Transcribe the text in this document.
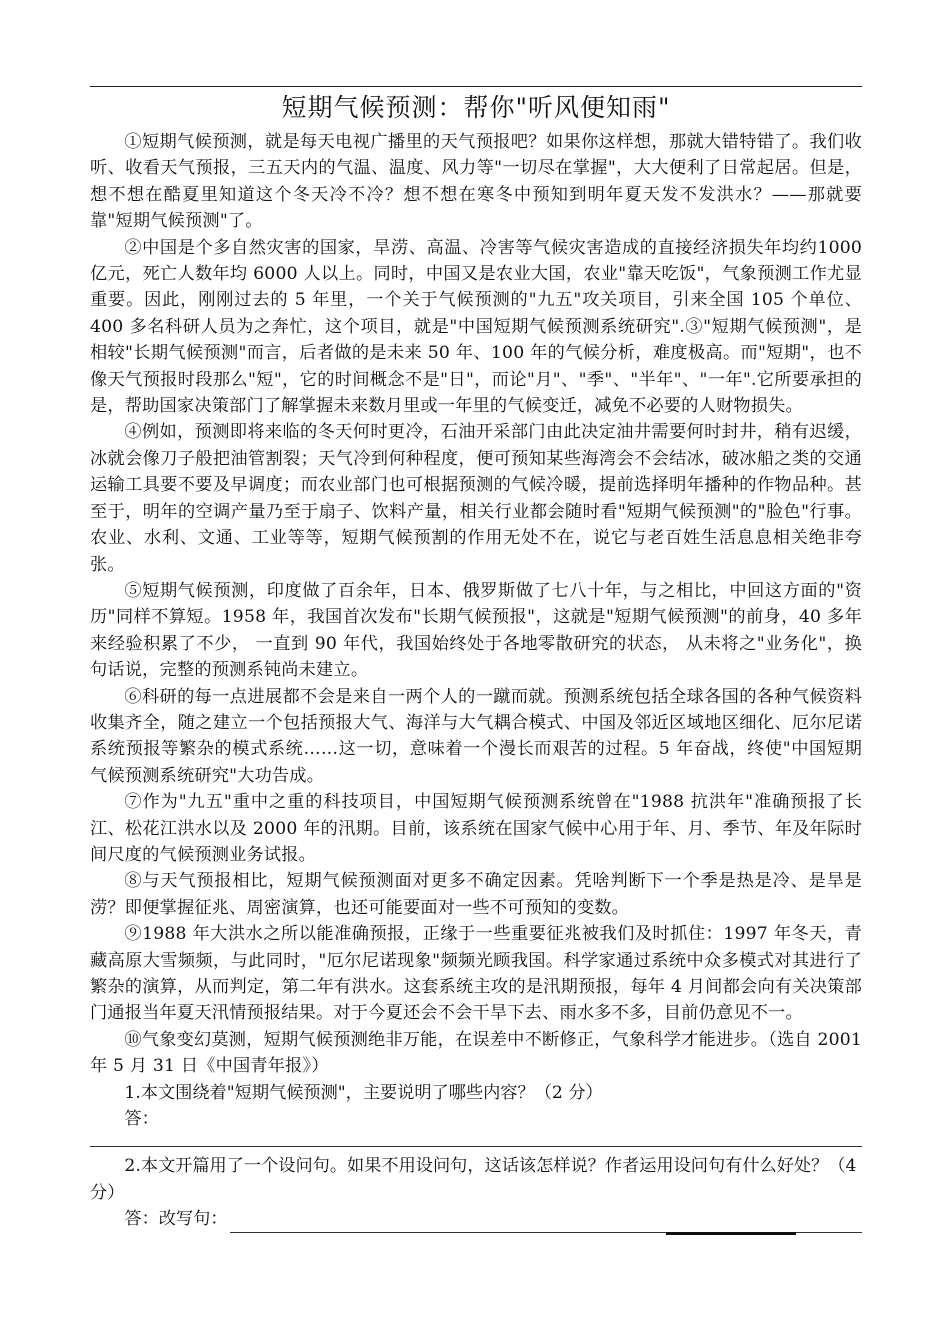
短期气候预测：帮你"听风便知雨"

①短期气候预测，就是每天电视广播里的天气预报吧？如果你这样想，那就大错特错了。我们收听、收看天气预报，三五天内的气温、温度、风力等"一切尽在掌握"，大大便利了日常起居。但是，想不想在酷夏里知道这个冬天冷不冷？想不想在寒冬中预知到明年夏天发不发洪水？——那就要靠"短期气候预测"了。

②中国是个多自然灾害的国家，旱涝、高温、冷害等气候灾害造成的直接经济损失年均约1000 亿元，死亡人数年均 6000 人以上。同时，中国又是农业大国，农业"靠天吃饭"，气象预测工作尤显重要。因此，刚刚过去的 5 年里，一个关于气候预测的"九五"攻关项目，引来全国 105 个单位、400 多名科研人员为之奔忙，这个项目，就是"中国短期气候预测系统研究".③"短期气候预测"，是相较"长期气候预测"而言，后者做的是未来 50 年、100 年的气候分析，难度极高。而"短期"，也不像天气预报时段那么"短"，它的时间概念不是"日"，而论"月"、"季"、"半年"、"一年".它所要承担的是，帮助国家决策部门了解掌握未来数月里或一年里的气候变迁，减免不必要的人财物损失。

④例如，预测即将来临的冬天何时更冷，石油开采部门由此决定油井需要何时封井，稍有迟缓，冰就会像刀子般把油管割裂；天气冷到何种程度，便可预知某些海湾会不会结冰，破冰船之类的交通运输工具要不要及早调度；而农业部门也可根据预测的气候冷暖，提前选择明年播种的作物品种。甚至于，明年的空调产量乃至于扇子、饮料产量，相关行业都会随时看"短期气候预测"的"脸色"行事。农业、水利、文通、工业等等，短期气候预割的作用无处不在，说它与老百姓生活息息相关绝非夸张。

⑤短期气候预测，印度做了百余年，日本、俄罗斯做了七八十年，与之相比，中回这方面的"资历"同样不算短。1958 年，我国首次发布"长期气候预报"，这就是"短期气候预测"的前身，40 多年来经验积累了不少， 一直到 90 年代，我国始终处于各地零散研究的状态， 从未将之"业务化"，换句话说，完整的预测系钝尚未建立。

⑥科研的每一点进展都不会是来自一两个人的一蹴而就。预测系统包括全球各国的各种气候资料收集齐全，随之建立一个包括预报大气、海洋与大气耦合模式、中国及邻近区域地区细化、厄尔尼诺系统预报等繁杂的模式系统……这一切，意味着一个漫长而艰苦的过程。5 年奋战，终使"中国短期气候预测系统研究"大功告成。

⑦作为"九五"重中之重的科技项目，中国短期气候预测系统曾在"1988 抗洪年"准确预报了长江、松花江洪水以及 2000 年的汛期。目前，该系统在国家气候中心用于年、月、季节、年及年际时间尺度的气候预测业务试报。

⑧与天气预报相比，短期气候预测面对更多不确定因素。凭啥判断下一个季是热是冷、是旱是涝？即便掌握征兆、周密演算，也还可能要面对一些不可预知的变数。

⑨1988 年大洪水之所以能准确预报，正缘于一些重要征兆被我们及时抓住：1997 年冬天，青藏高原大雪频频，与此同时，"厄尔尼诺现象"频频光顾我国。科学家通过系统中众多模式对其进行了繁杂的演算，从而判定，第二年有洪水。这套系统主攻的是汛期预报，每年 4 月间都会向有关决策部门通报当年夏天汛情预报结果。对于今夏还会不会干旱下去、雨水多不多，目前仍意见不一。

⑩气象变幻莫测，短期气候预测绝非万能，在误差中不断修正，气象科学才能进步。（选自 2001 年 5 月 31 日《中国青年报》）

1.本文围绕着"短期气候预测"，主要说明了哪些内容？（2 分）

答：

2.本文开篇用了一个设问句。如果不用设问句，这话该怎样说？作者运用设问句有什么好处？（4 分）

答：改写句：
